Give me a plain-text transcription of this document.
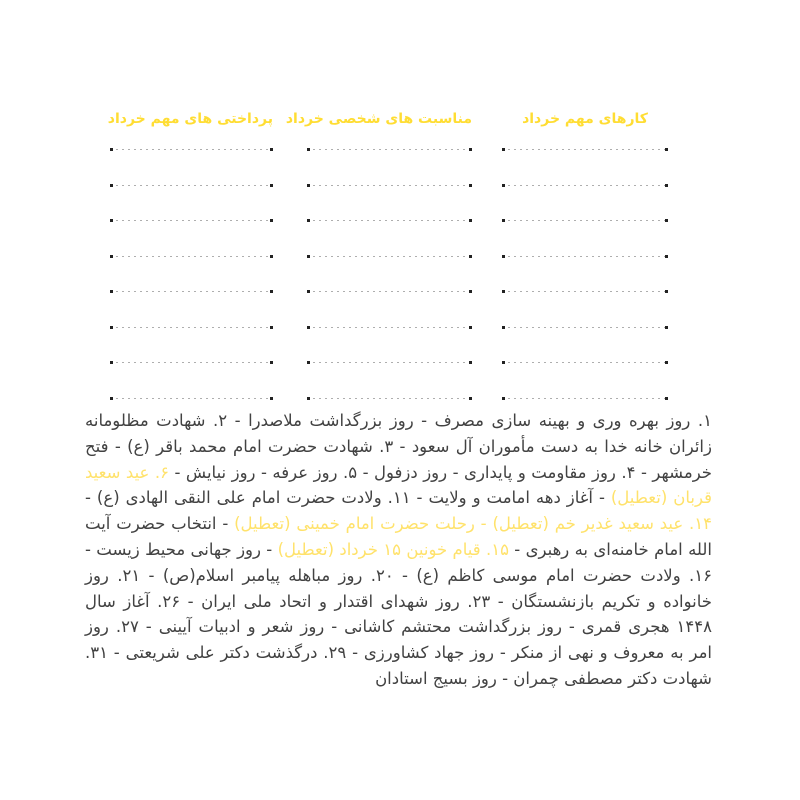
کارهای مهم خرداد
مناسبت های شخصی خرداد
پرداختی های مهم خرداد

۱. روز بهره وری و بهینه سازی مصرف - روز بزرگداشت ملاصدرا - ۲. شهادت مظلومانه زائران خانه خدا به دست مأموران آل سعود - ۳. شهادت حضرت امام محمد باقر (ع) - فتح خرمشهر - ۴. روز مقاومت و پایداری - روز دزفول - ۵. روز عرفه - روز نیایش - ۶. عید سعید قربان (تعطیل) - آغاز دهه امامت و ولایت - ۱۱. ولادت حضرت امام علی النقی الهادی (ع) - ۱۴. عید سعید غدیر خم (تعطیل) - رحلت حضرت امام خمینی (تعطیل) - انتخاب حضرت آیت الله امام خامنه‌ای به رهبری - ۱۵. قیام خونین ۱۵ خرداد (تعطیل) - روز جهانی محیط زیست - ۱۶. ولادت حضرت امام موسی کاظم (ع) - ۲۰. روز مباهله پیامبر اسلام(ص) - ۲۱. روز خانواده و تکریم بازنشستگان - ۲۳. روز شهدای اقتدار و اتحاد ملی ایران - ۲۶. آغاز سال ۱۴۴۸ هجری قمری - روز بزرگداشت محتشم کاشانی - روز شعر و ادبیات آیینی - ۲۷. روز امر به معروف و نهی از منکر - روز جهاد کشاورزی - ۲۹. درگذشت دکتر علی شریعتی - ۳۱. شهادت دکتر مصطفی چمران - روز بسیج استادان
